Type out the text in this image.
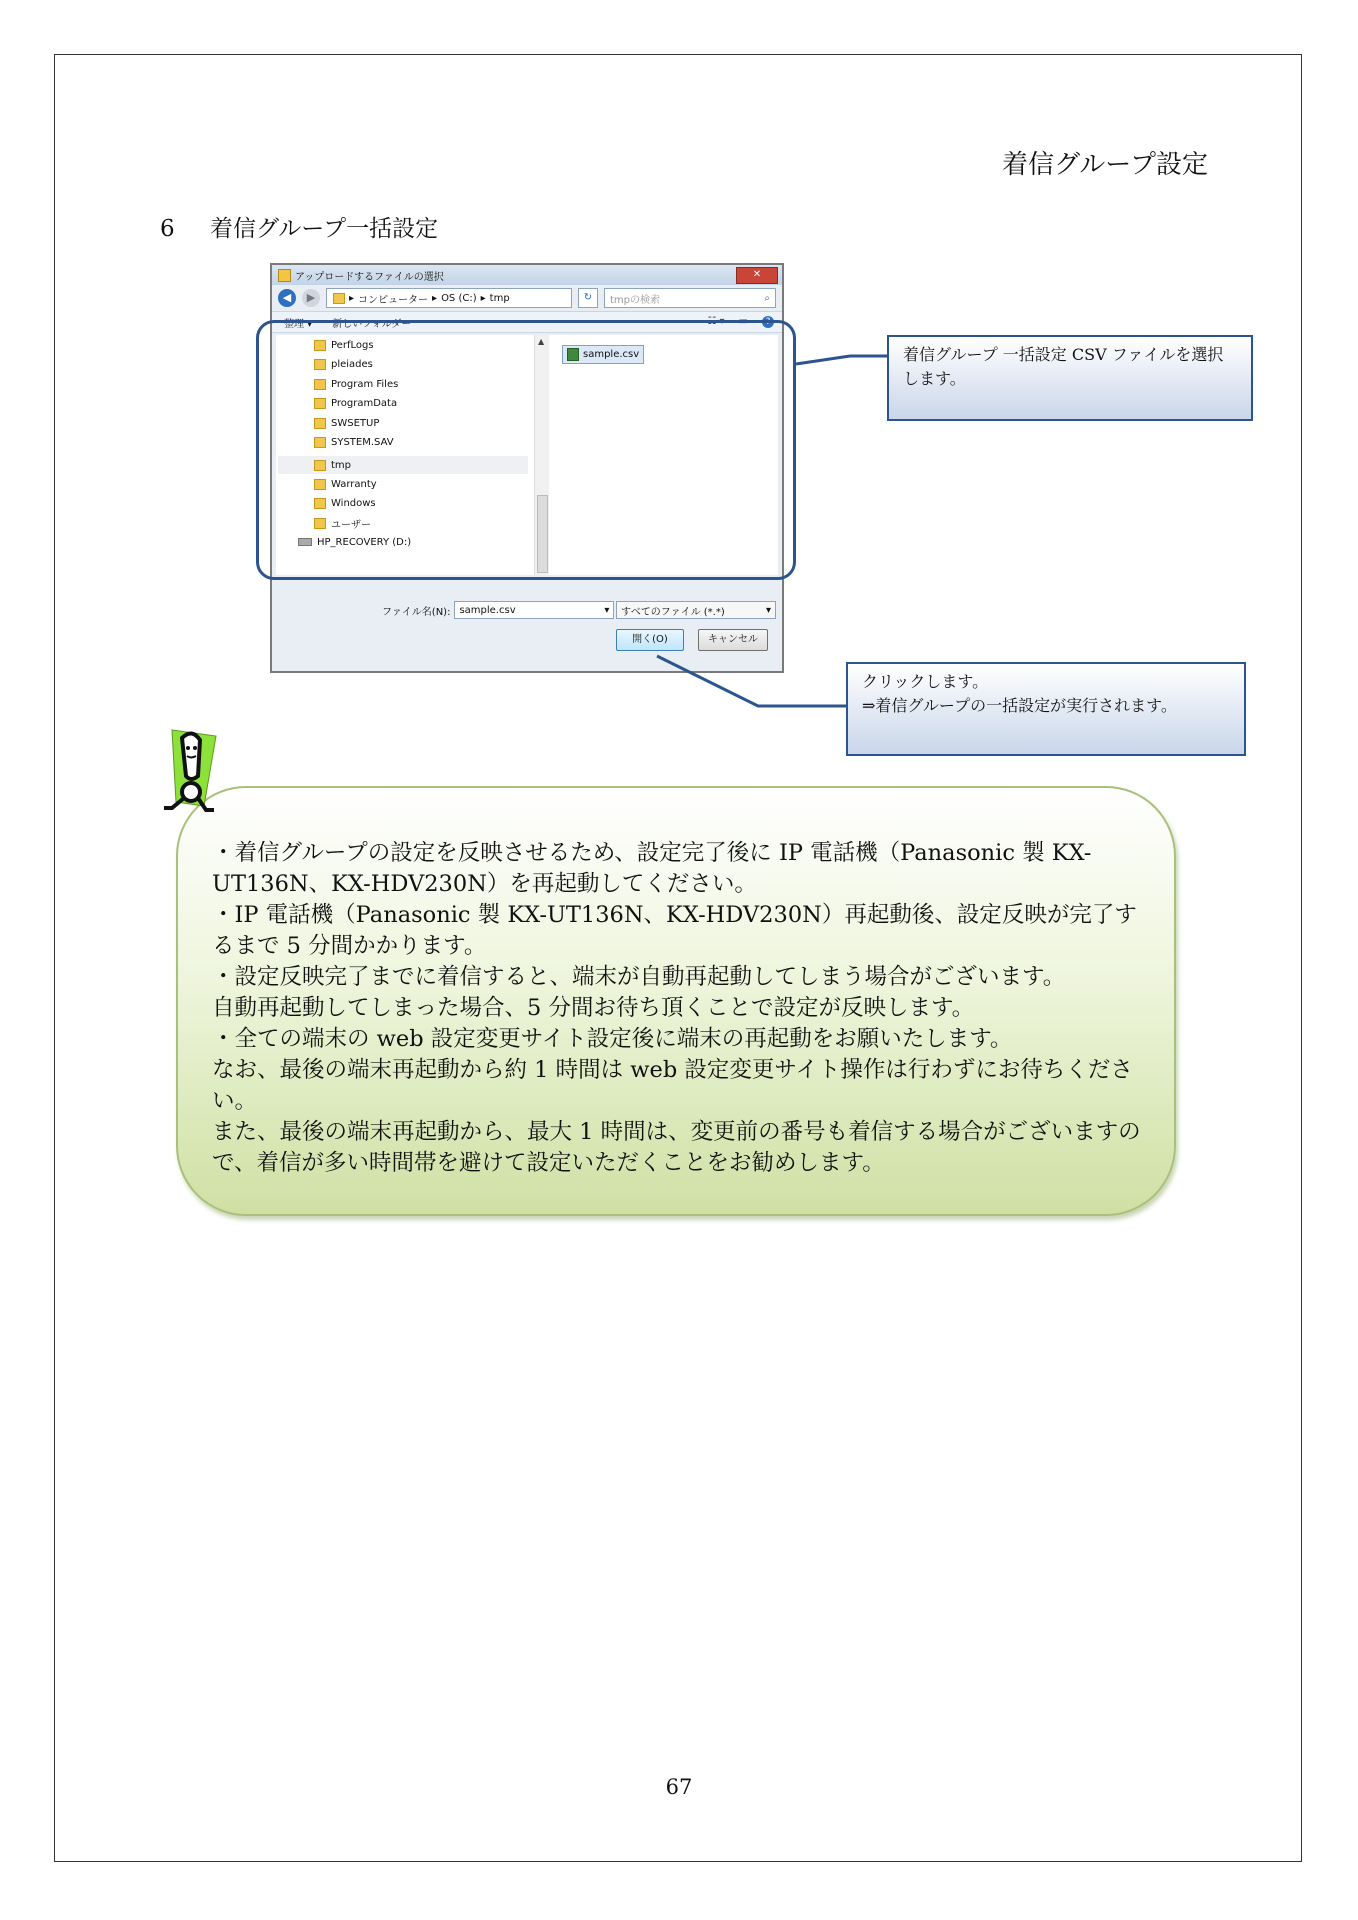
着信グループ設定
6 着信グループ一括設定
アップロードするファイルの選択	✕
◀	▶	▸ コンピューター ▸ OS (C:) ▸ tmp	↻	tmpの検索	⌕
整理 ▾ 新しいフォルダー	☷ ▾ ▭	?
PerfLogs
pleiades
Program Files
ProgramData
SWSETUP
SYSTEM.SAV
tmp
Warranty
Windows
ユーザー
HP_RECOVERY (D:)
▲
sample.csv
ファイル名(N): sample.csv	▾ すべてのファイル (*.*)	▾
開く(O)	キャンセル
着信グループ 一括設定 CSV ファイルを選択します。
クリックします。
⇒着信グループの一括設定が実行されます。
・着信グループの設定を反映させるため、設定完了後に IP 電話機（Panasonic 製 KX-UT136N、KX-HDV230N）を再起動してください。
・IP 電話機（Panasonic 製 KX-UT136N、KX-HDV230N）再起動後、設定反映が完了するまで 5 分間かかります。
・設定反映完了までに着信すると、端末が自動再起動してしまう場合がございます。
自動再起動してしまった場合、5 分間お待ち頂くことで設定が反映します。
・全ての端末の web 設定変更サイト設定後に端末の再起動をお願いたします。
なお、最後の端末再起動から約 1 時間は web 設定変更サイト操作は行わずにお待ちください。
また、最後の端末再起動から、最大 1 時間は、変更前の番号も着信する場合がございますので、着信が多い時間帯を避けて設定いただくことをお勧めします。
67
